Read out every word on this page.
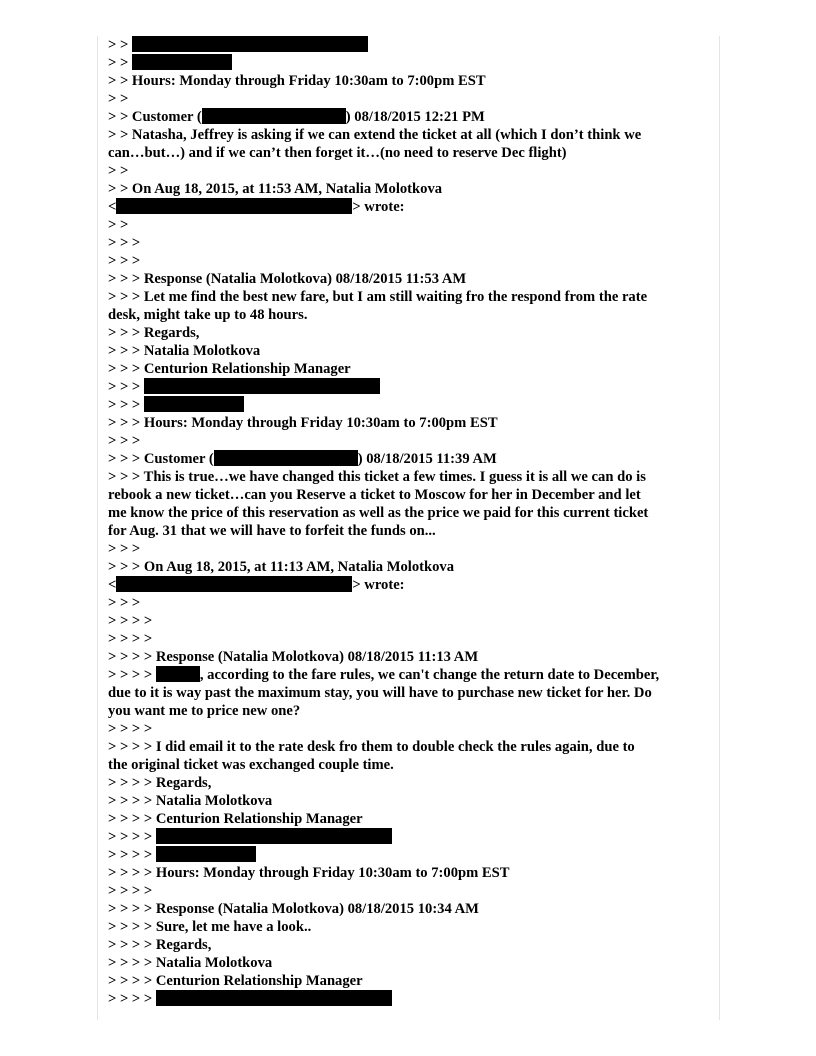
> >
> >
> > Hours: Monday through Friday 10:30am to 7:00pm EST
> >
> > Customer (	) 08/18/2015 12:21 PM
> > Natasha, Jeffrey is asking if we can extend the ticket at all (which I don’t think we
can…but…) and if we can’t then forget it…(no need to reserve Dec flight)
> >
> > On Aug 18, 2015, at 11:53 AM, Natalia Molotkova
<	> wrote:
> >
> > >
> > >
> > > Response (Natalia Molotkova) 08/18/2015 11:53 AM
> > > Let me find the best new fare, but I am still waiting fro the respond from the rate
desk, might take up to 48 hours.
> > > Regards,
> > > Natalia Molotkova
> > > Centurion Relationship Manager
> > >
> > >
> > > Hours: Monday through Friday 10:30am to 7:00pm EST
> > >
> > > Customer (	) 08/18/2015 11:39 AM
> > > This is true…we have changed this ticket a few times. I guess it is all we can do is
rebook a new ticket…can you Reserve a ticket to Moscow for her in December and let
me know the price of this reservation as well as the price we paid for this current ticket
for Aug. 31 that we will have to forfeit the funds on...
> > >
> > > On Aug 18, 2015, at 11:13 AM, Natalia Molotkova
<	> wrote:
> > >
> > > >
> > > >
> > > > Response (Natalia Molotkova) 08/18/2015 11:13 AM
> > > >	, according to the fare rules, we can't change the return date to December,
due to it is way past the maximum stay, you will have to purchase new ticket for her. Do
you want me to price new one?
> > > >
> > > > I did email it to the rate desk fro them to double check the rules again, due to
the original ticket was exchanged couple time.
> > > > Regards,
> > > > Natalia Molotkova
> > > > Centurion Relationship Manager
> > > >
> > > >
> > > > Hours: Monday through Friday 10:30am to 7:00pm EST
> > > >
> > > > Response (Natalia Molotkova) 08/18/2015 10:34 AM
> > > > Sure, let me have a look..
> > > > Regards,
> > > > Natalia Molotkova
> > > > Centurion Relationship Manager
> > > >
